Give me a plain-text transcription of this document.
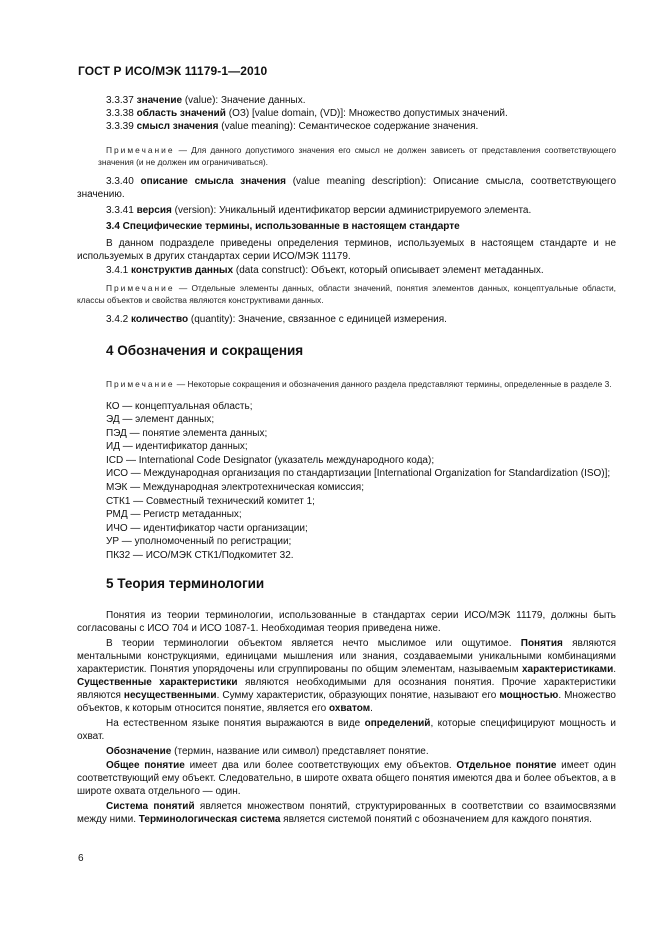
ГОСТ Р ИСО/МЭК 11179-1—2010

3.3.37 значение (value): Значение данных.

3.3.38 область значений (ОЗ) [value domain, (VD)]: Множество допустимых значений.

3.3.39 смысл значения (value meaning): Семантическое содержание значения.

Примечание — Для данного допустимого значения его смысл не должен зависеть от представления соответствующего значения (и не должен им ограничиваться).

3.3.40 описание смысла значения (value meaning description): Описание смысла, соответствующего значению.

3.3.41 версия (version): Уникальный идентификатор версии администрируемого элемента.

3.4 Специфические термины, использованные в настоящем стандарте

В данном подразделе приведены определения терминов, используемых в настоящем стандарте и не используемых в других стандартах серии ИСО/МЭК 11179.

3.4.1 конструктив данных (data construct): Объект, который описывает элемент метаданных.

Примечание — Отдельные элементы данных, области значений, понятия элементов данных, концептуальные области, классы объектов и свойства являются конструктивами данных.

3.4.2 количество (quantity): Значение, связанное с единицей измерения.

4 Обозначения и сокращения

Примечание — Некоторые сокращения и обозначения данного раздела представляют термины, определенные в разделе 3.

КО — концептуальная область;

ЭД — элемент данных;

ПЭД — понятие элемента данных;

ИД — идентификатор данных;

ICD — International Code Designator (указатель международного кода);

ИСО — Международная организация по стандартизации [International Organization for Standardization (ISO)];

МЭК — Международная электротехническая комиссия;

СТК1 — Совместный технический комитет 1;

РМД — Регистр метаданных;

ИЧО — идентификатор части организации;

УР — уполномоченный по регистрации;

ПК32 — ИСО/МЭК СТК1/Подкомитет 32.

5 Теория терминологии

Понятия из теории терминологии, использованные в стандартах серии ИСО/МЭК 11179, должны быть согласованы с ИСО 704 и ИСО 1087-1. Необходимая теория приведена ниже.

В теории терминологии объектом является нечто мыслимое или ощутимое. Понятия являются ментальными конструкциями, единицами мышления или знания, создаваемыми уникальными комбинациями характеристик. Понятия упорядочены или сгруппированы по общим элементам, называемым характеристиками. Существенные характеристики являются необходимыми для осознания понятия. Прочие характеристики являются несущественными. Сумму характеристик, образующих понятие, называют его мощностью. Множество объектов, к которым относится понятие, является его охватом.

На естественном языке понятия выражаются в виде определений, которые специфицируют мощность и охват.

Обозначение (термин, название или символ) представляет понятие.

Общее понятие имеет два или более соответствующих ему объектов. Отдельное понятие имеет один соответствующий ему объект. Следовательно, в широте охвата общего понятия имеются два и более объектов, а в широте охвата отдельного — один.

Система понятий является множеством понятий, структурированных в соответствии со взаимосвязями между ними. Терминологическая система является системой понятий с обозначением для каждого понятия.

6
